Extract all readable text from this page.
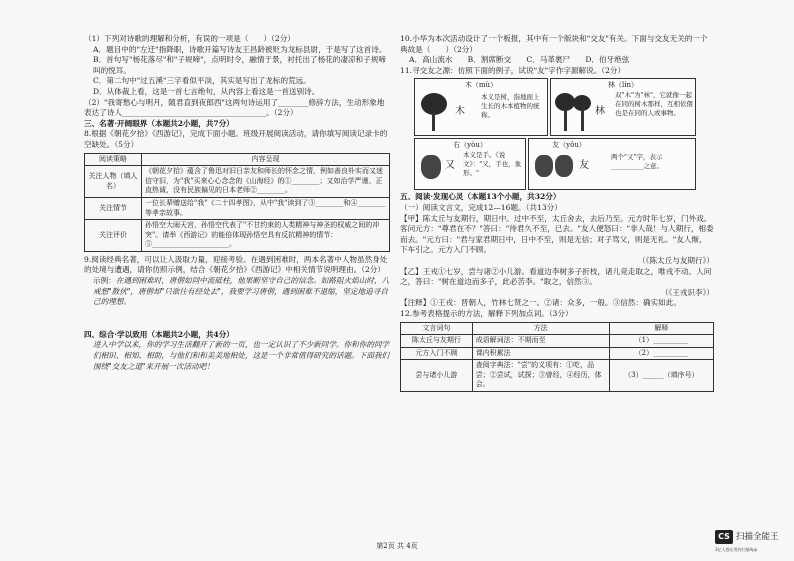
（1）下列对诗歌的理解和分析，有误的一项是（　　）（2分）

A．题目中的"左迁"指降职，诗歌开篇写诗友王昌龄被贬为龙标县尉，于是写了这首诗。

B．首句写"杨花落尽"和"子规啼"，点明时令，融情于景，衬托出了杨花的凄凉和子规啼叫的悦耳。

C．第二句中"过五溪"三字看似平淡，其实是写出了龙标的荒远。

D．从体裁上看，这是一首七言绝句，从内容上看这是一首送别诗。

（2）"我寄愁心与明月，随君直到夜郎西"这两句诗运用了________修辞方法，生动形象地表达了诗人______________________________________。（2分）

三、名著·开阔眼界（本题共2小题，共7分）

8.根据《朝花夕拾》《西游记》，完成下面小题。班级开展阅读活动，请你填写阅读记录卡的空缺处。（5分）

阅读策略	内容呈现
关注人物（填人名）	《朝花夕拾》蕴含了鲁迅对旧日亲友和师长的怀念之情，例如善良朴实而又迷信守旧，为"我"买来心心念念的《山海经》的①________；又如治学严谨、正直热诚，没有民族偏见的日本老师②________。
关注情节	一位长辈赠送给"我"《二十四孝图》，从中"我"读到了③________和④________等孝亲故事。
关注评价	孙悟空大闹天宫，孙悟空代表了"不甘约束的人类精神与神圣的权威之间的冲突"。请举《西游记》的能倍体现孙悟空具有反抗精神的情节：⑤______________________。

9.阅读经典名著，可以让人汲取力量，迎接考验。在遇到困难时，两本名著中人物虽然身处的处境与遭遇，请你仿照示例，结合《朝花夕拾》《西游记》中相关情节说明理由。（2分）

示例：在遇到困难时，唐僧如同中流砥柱，他果断坚守自己的信念。如路阻火焰山时，八戒想"散伙"，唐僧却"只欲往有经处去"，我要学习唐僧，遇到困难不退缩，坚定地追寻自己的理想。

四、综合·学以致用（本题共2小题，共4分）

进入中学以来，你的学习生活翻开了新的一页，也一定认识了不少新同学。你和你的同学们相识、相知、相助，与他们和和美美地相处，这是一个非常值得研究的话题。下面我们围绕"交友之道"来开展一次活动吧！

10.小华为本次活动设计了一个板报，其中有一个版块和"交友"有关。下面与交友无关的一个典故是（　　）（2分）

A．高山流水　　B．割席断交　　C．马革裹尸　　D．伯牙绝弦

11.寻交友之源：仿照下面的例子，试说"友"字作字源解说。（2分）

木（mù）
木
本义是树，指地面上生长的木本植物的统称。
林（lín）
林
双"木"为"林"，它就像一起在同的树木那样，互相依偎也是在同的人或事物。
右（yòu）
又
本义是手。《说文》："又，手也，象形。"
友（yǒu）
友
两个"又"字，表示__________之意。

五、阅读·发现心灵（本题13个小题，共32分）

（一）阅读文言文，完成12—16题。（共13分）

【甲】陈太丘与友期行，期日中。过中不至，太丘舍去，去后乃至。元方时年七岁，门外戏。客问元方："尊君在不？"答曰："待君久不至，已去。"友人便怒曰："非人哉！与人期行，相委而去。"元方曰："君与家君期日中，日中不至，则是无信；对子骂父，则是无礼。"友人惭，下车引之。元方入门不顾。

（《陈太丘与友期行》）

【乙】王戎①七岁，尝与诸②小儿游。看道边李树多子折枝，诸儿竞走取之，唯戎不动。人问之，答曰："树在道边而多子，此必苦李。"取之，信然③。

（《王戎识李》）

【注释】①王戎：晋朝人，竹林七贤之一。②诸：众多，一般。③信然：确实如此。

12.参考表格提示的方法，解释下列加点词。（3分）

文言词句	方法	解释
陈太丘与友期行	成语解词法：不期而至	（1）__________
元方入门不顾	课内积累法	（2）__________
尝与诸小儿游	查阅字典法："尝"的义项有：①吃，品尝；②尝试，试探；③曾经，④经历，体会。	（3）______（填序号）
第2页 共 4页
CS 扫描全能王
3亿人都在用的扫描App
